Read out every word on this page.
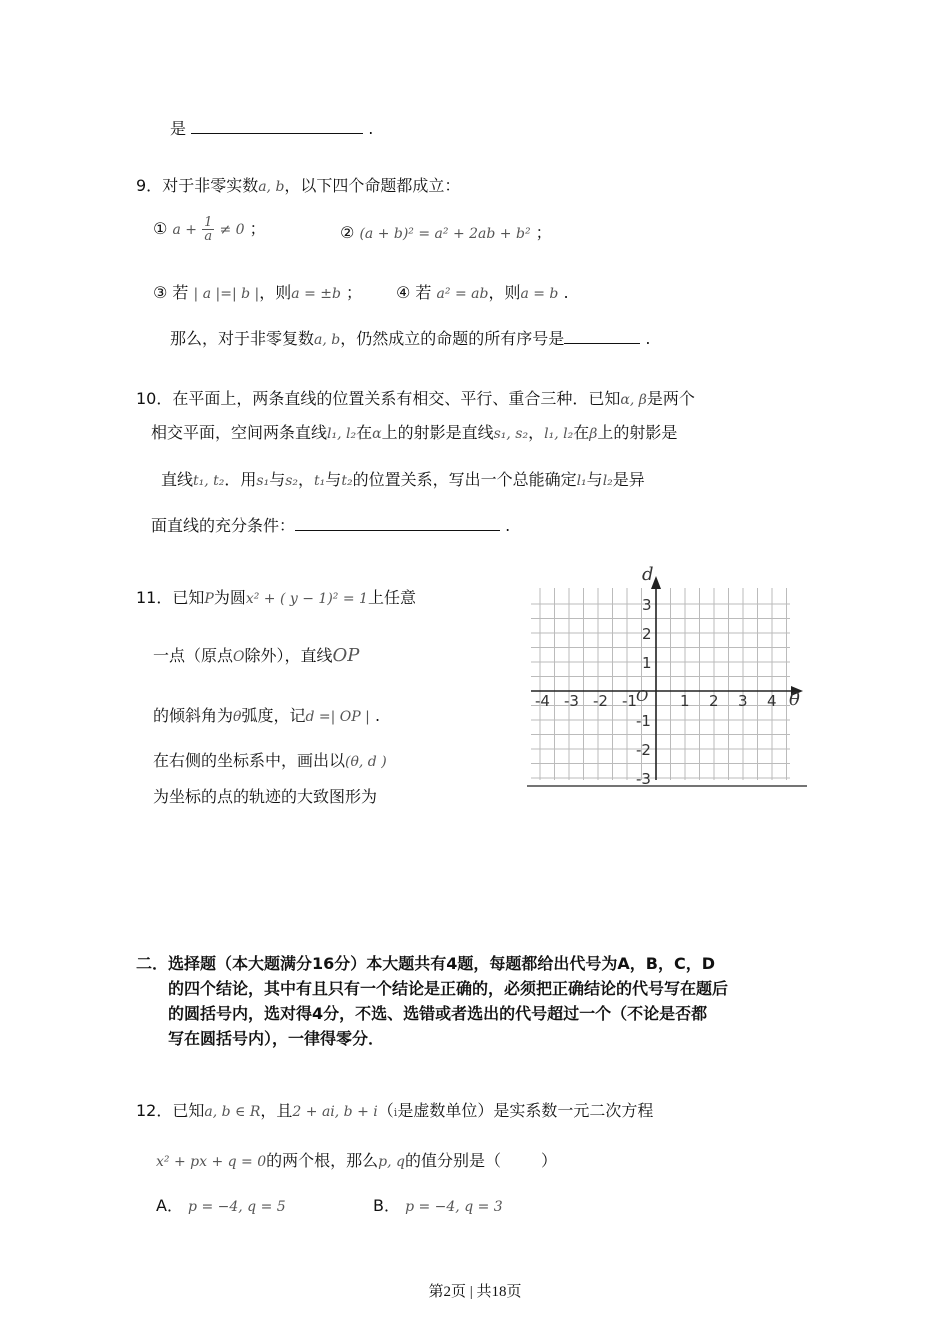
是	.
9．对于非零实数a, b，以下四个命题都成立：
① $a + \frac{1}{a} \ne 0$ ；	② (a + b)² = a² + 2ab + b² ；
③ 若 | a |=| b |，则a = ±b ； ④ 若 a² = ab，则a = b .
那么，对于非零复数a, b，仍然成立的命题的所有序号是	.
10．在平面上，两条直线的位置关系有相交、平行、重合三种．已知α, β是两个
相交平面，空间两条直线l₁, l₂在α上的射影是直线s₁, s₂，l₁, l₂在β上的射影是
直线t₁, t₂．用s₁与s₂，t₁与t₂的位置关系，写出一个总能确定l₁与l₂是异
面直线的充分条件：	.
11．已知P为圆x² + ( y − 1)² = 1上任意
一点（原点O除外），直线OP
的倾斜角为θ弧度，记d =| OP | .
在右侧的坐标系中，画出以(θ, d )
为坐标的点的轨迹的大致图形为
d
θ
O
-4 -3 -2 -1	1 2 3 4
3
2
1
-1
-2
-3
二．选择题（本大题满分16分）本大题共有4题，每题都给出代号为A，B，C，D
的四个结论，其中有且只有一个结论是正确的，必须把正确结论的代号写在题后
的圆括号内，选对得4分，不选、选错或者选出的代号超过一个（不论是否都
写在圆括号内），一律得零分．
12．已知a, b ∈ R，且2 + ai, b + i（i是虚数单位）是实系数一元二次方程
x² + px + q = 0的两个根，那么p, q的值分别是（	）
A． p = −4, q = 5	B． p = −4, q = 3
第2页 | 共18页
